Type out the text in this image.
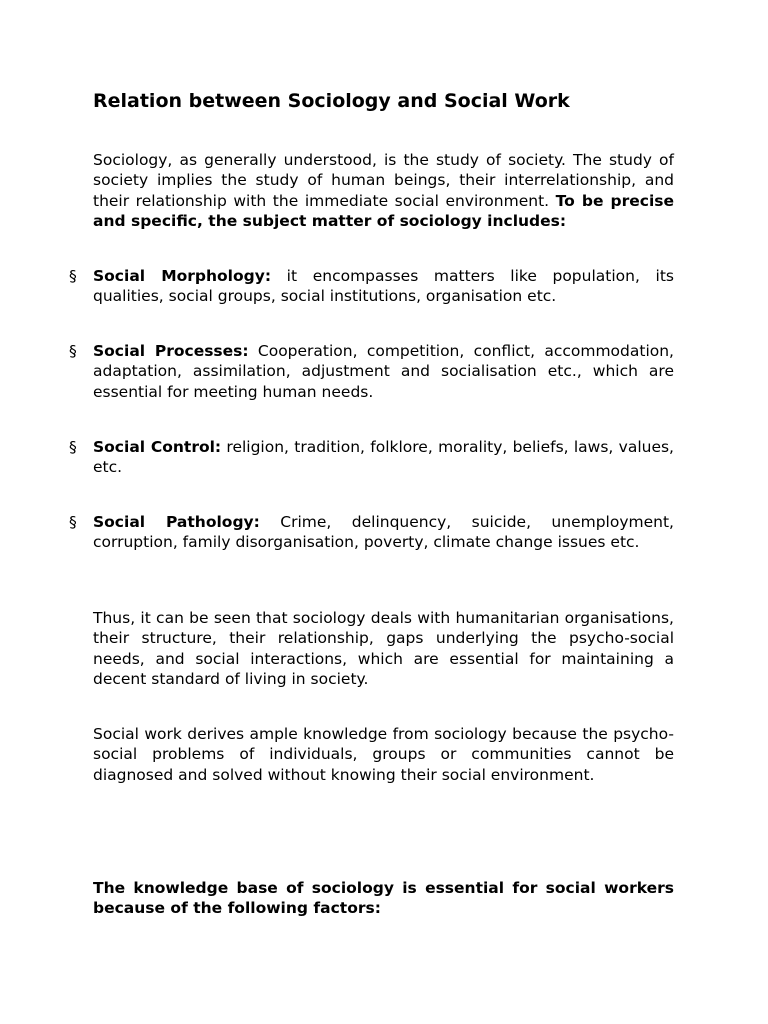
Relation between Sociology and Social Work

Sociology, as generally understood, is the study of society. The study of society implies the study of human beings, their interrelationship, and their relationship with the immediate social environment. To be precise and specific, the subject matter of sociology includes:

§	Social Morphology: it encompasses matters like population, its qualities, social groups, social institutions, organisation etc.
§	Social Processes: Cooperation, competition, conflict, accommodation, adaptation, assimilation, adjustment and socialisation etc., which are essential for meeting human needs.
§	Social Control: religion, tradition, folklore, morality, beliefs, laws, values, etc.
§	Social Pathology: Crime, delinquency, suicide, unemployment, corruption, family disorganisation, poverty, climate change issues etc.

Thus, it can be seen that sociology deals with humanitarian organisations, their structure, their relationship, gaps underlying the psycho-social needs, and social interactions, which are essential for maintaining a decent standard of living in society.

Social work derives ample knowledge from sociology because the psycho-social problems of individuals, groups or communities cannot be diagnosed and solved without knowing their social environment.

The knowledge base of sociology is essential for social workers because of the following factors:
